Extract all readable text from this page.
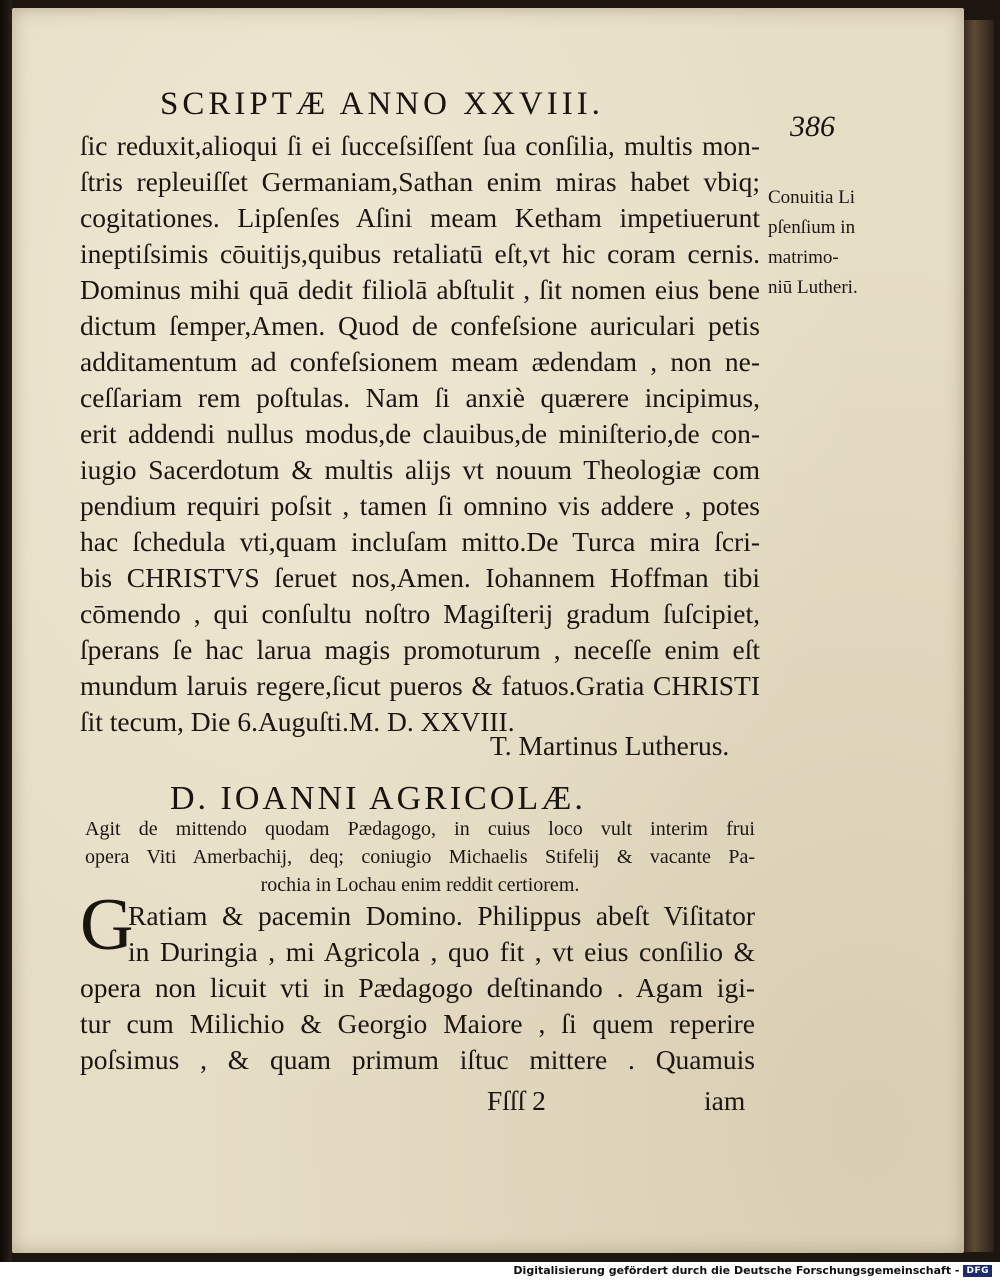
SCRIPTÆ ANNO XXVIII.
386
ſic reduxit,alioqui ſi ei ſucceſsiſſent ſua conſilia, multis mon-
ſtris repleuiſſet Germaniam,Sathan enim miras habet vbiq;
cogitationes. Lipſenſes Aſini meam Ketham impetiuerunt
ineptiſsimis cōuitijs,quibus retaliatū eſt,vt hic coram cernis.
Dominus mihi quā dedit filiolā abſtulit , ſit nomen eius bene
dictum ſemper,Amen. Quod de confeſsione auriculari petis
additamentum ad confeſsionem meam ædendam , non ne-
ceſſariam rem poſtulas. Nam ſi anxiè quærere incipimus,
erit addendi nullus modus,de clauibus,de miniſterio,de con-
iugio Sacerdotum & multis alijs vt nouum Theologiæ com
pendium requiri poſsit , tamen ſi omnino vis addere , potes
hac ſchedula vti,quam incluſam mitto.De Turca mira ſcri-
bis CHRISTVS ſeruet nos,Amen. Iohannem Hoffman tibi
cōmendo , qui conſultu noſtro Magiſterij gradum ſuſcipiet,
ſperans ſe hac laruа magis promoturum , neceſſe enim eſt
mundum laruis regere,ſicut pueros & fatuos.Gratia CHRISTI
ſit tecum, Die 6.Auguſti.M. D. XXVIII.
T. Martinus Lutherus.
Conuitia Li
pſenſium in
matrimo-
niū Lutheri.
D. IOANNI AGRICOLÆ.
Agit de mittendo quodam Pædagogo, in cuius loco vult interim frui
opera Viti Amerbachij, deq; coniugio Michaelis Stifelij & vacante Pa-
rochia in Lochau enim reddit certiorem.
G
Ratiam & pacemin Domino. Philippus abeſt Viſitator
in Duringia , mi Agricola , quo fit , vt eius conſilio &
opera non licuit vti in Pædagogo deſtinando . Agam igi-
tur cum Milichio & Georgio Maiore , ſi quem reperire
poſsimus , & quam primum iſtuc mittere . Quamuis
Fſſſ 2	iam
Digitalisierung gefördert durch die Deutsche Forschungsgemeinschaft - DFG
